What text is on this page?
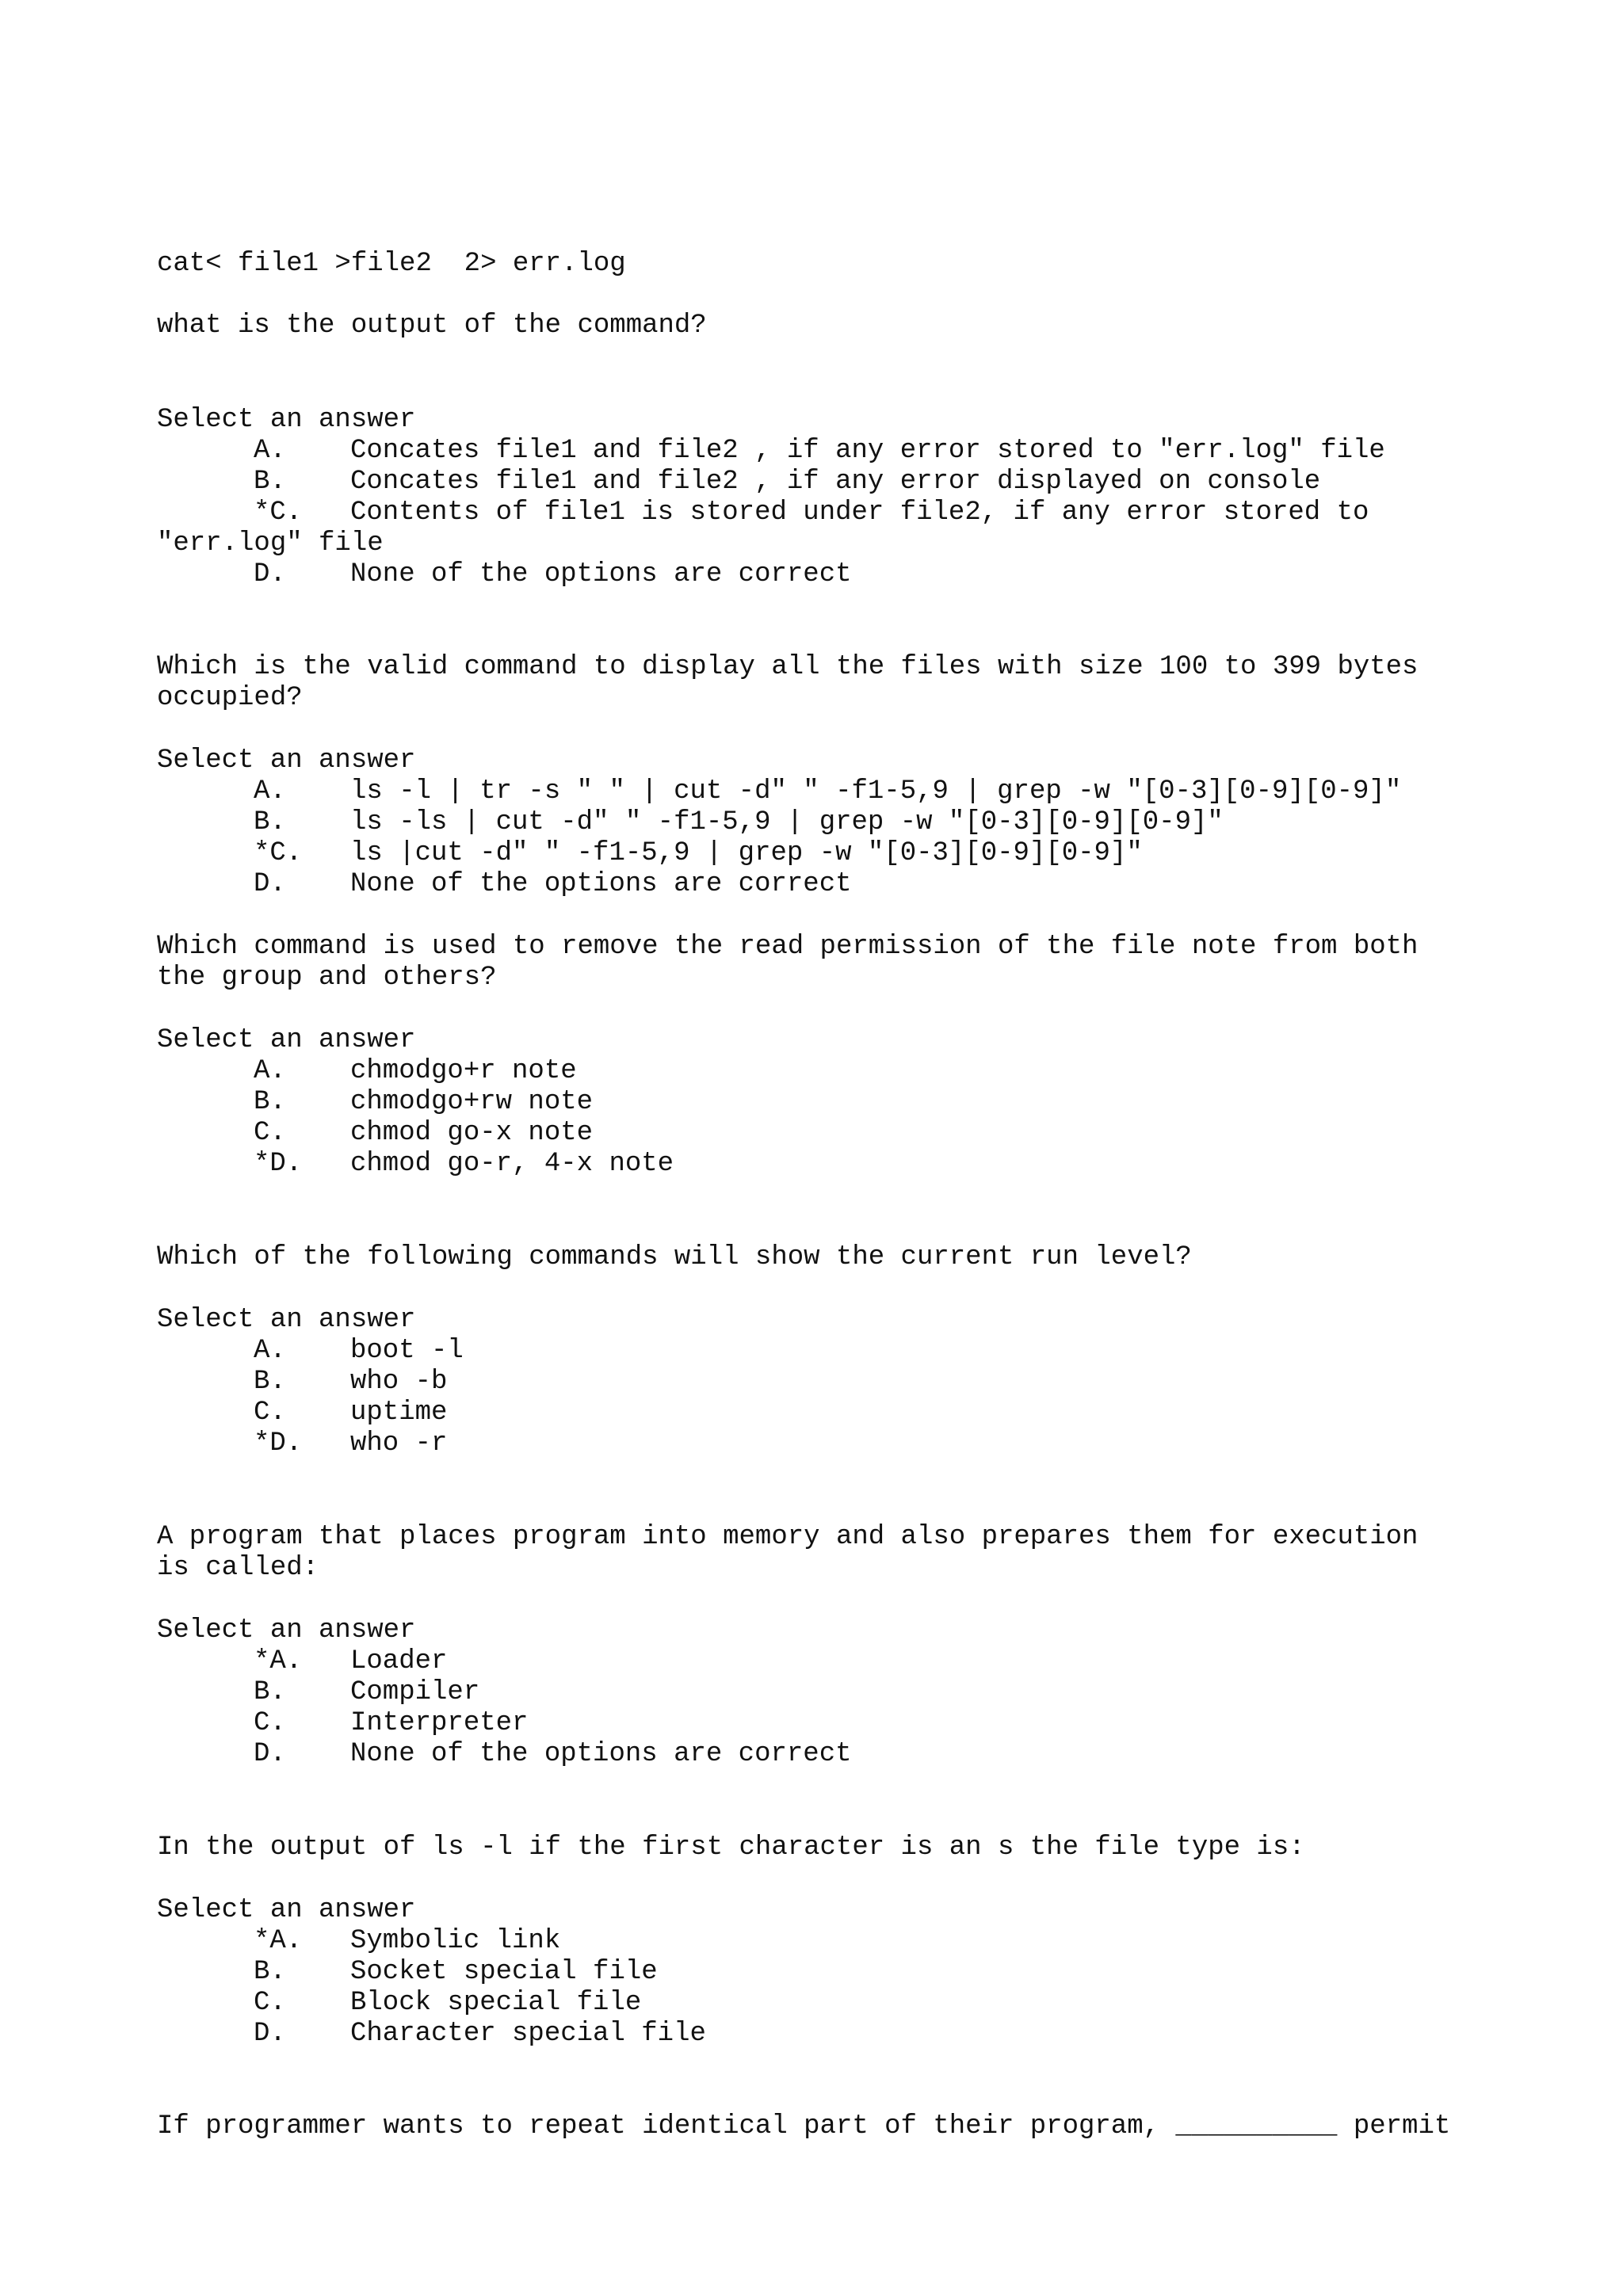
cat< file1 >file2  2> err.log
what is the output of the command?
Select an answer
A. Concates file1 and file2 , if any error stored to "err.log" file
B. Concates file1 and file2 , if any error displayed on console
*C. Contents of file1 is stored under file2, if any error stored to
"err.log" file
D. None of the options are correct
Which is the valid command to display all the files with size 100 to 399 bytes
occupied?
Select an answer
A. ls -l | tr -s " " | cut -d" " -f1-5,9 | grep -w "[0-3][0-9][0-9]"
B. ls -ls | cut -d" " -f1-5,9 | grep -w "[0-3][0-9][0-9]"
*C. ls |cut -d" " -f1-5,9 | grep -w "[0-3][0-9][0-9]"
D. None of the options are correct
Which command is used to remove the read permission of the file note from both
the group and others?
Select an answer
A. chmodgo+r note
B. chmodgo+rw note
C. chmod go-x note
*D. chmod go-r, 4-x note
Which of the following commands will show the current run level?
Select an answer
A. boot -l
B. who -b
C. uptime
*D. who -r
A program that places program into memory and also prepares them for execution
is called:
Select an answer
*A. Loader
B. Compiler
C. Interpreter
D. None of the options are correct
In the output of ls -l if the first character is an s the file type is:
Select an answer
*A. Symbolic link
B. Socket special file
C. Block special file
D. Character special file
If programmer wants to repeat identical part of their program, __________ permit
